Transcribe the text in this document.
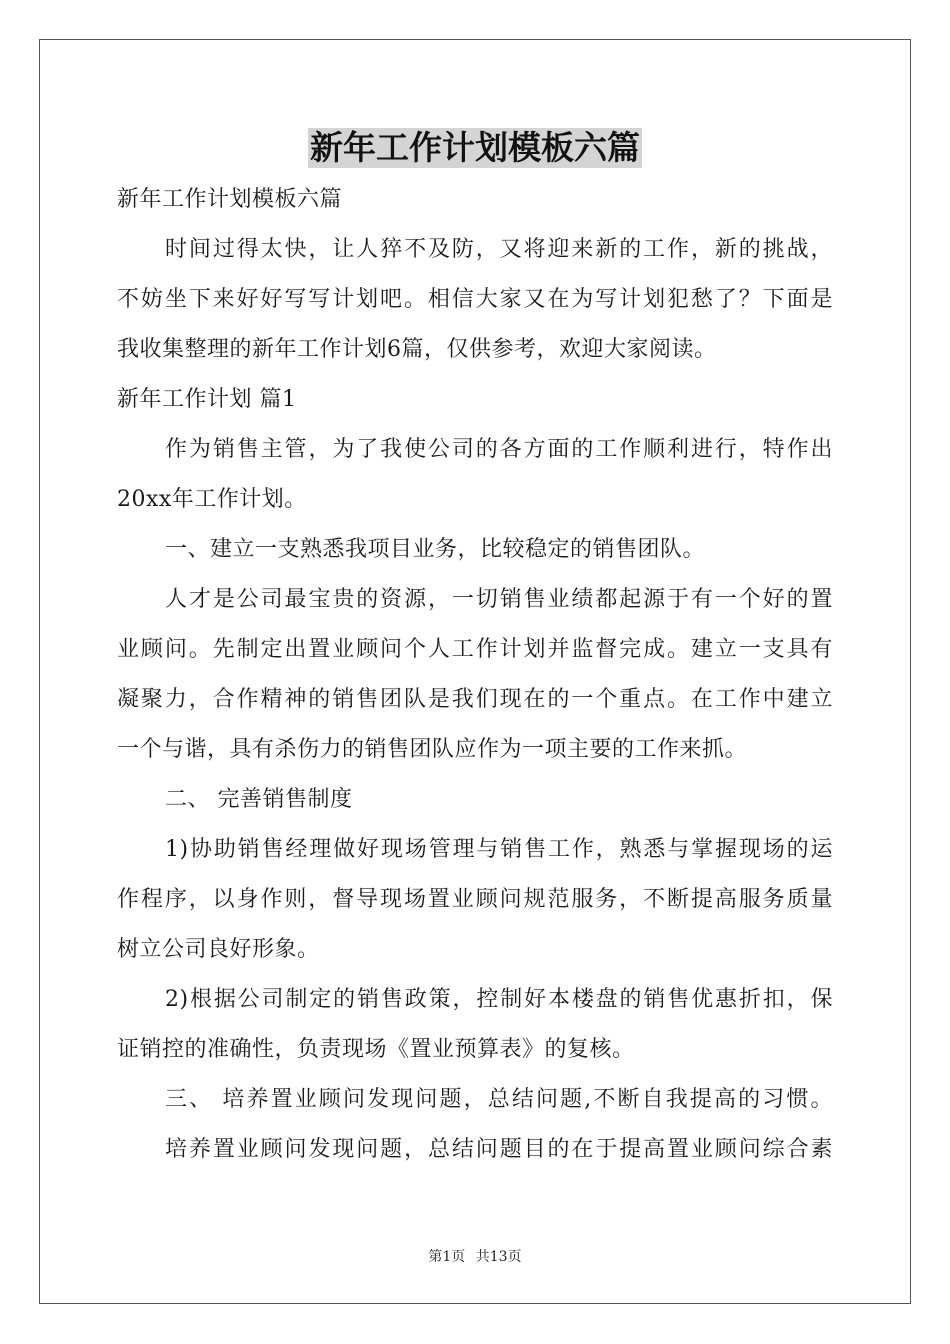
新年工作计划模板六篇
新年工作计划模板六篇
时间过得太快，让人猝不及防，又将迎来新的工作，新的挑战，
不妨坐下来好好写写计划吧。相信大家又在为写计划犯愁了？下面是
我收集整理的新年工作计划6篇，仅供参考，欢迎大家阅读。
新年工作计划 篇1
作为销售主管，为了我使公司的各方面的工作顺利进行，特作出
20xx年工作计划。
一、建立一支熟悉我项目业务，比较稳定的销售团队。
人才是公司最宝贵的资源，一切销售业绩都起源于有一个好的置
业顾问。先制定出置业顾问个人工作计划并监督完成。建立一支具有
凝聚力，合作精神的销售团队是我们现在的一个重点。在工作中建立
一个与谐，具有杀伤力的销售团队应作为一项主要的工作来抓。
二、 完善销售制度
1)协助销售经理做好现场管理与销售工作，熟悉与掌握现场的运
作程序，以身作则，督导现场置业顾问规范服务，不断提高服务质量
树立公司良好形象。
2)根据公司制定的销售政策，控制好本楼盘的销售优惠折扣，保
证销控的准确性，负责现场《置业预算表》的复核。
三、 培养置业顾问发现问题，总结问题,不断自我提高的习惯。
培养置业顾问发现问题，总结问题目的在于提高置业顾问综合素
第1页 共13页
